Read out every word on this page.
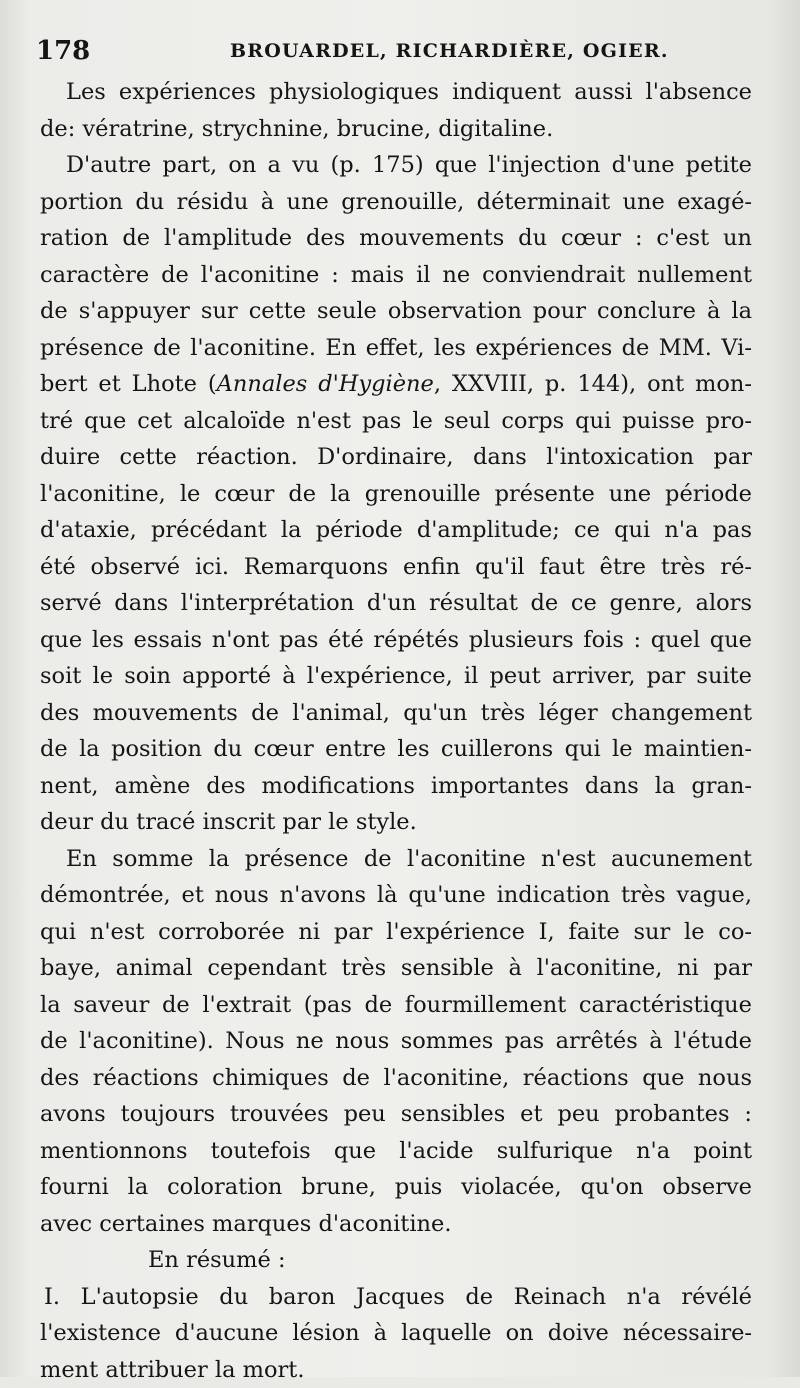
178	BROUARDEL, RICHARDIÈRE, OGIER.
Les expériences physiologiques indiquent aussi l'absence
de: vératrine, strychnine, brucine, digitaline.
D'autre part, on a vu (p. 175) que l'injection d'une petite
portion du résidu à une grenouille, déterminait une exagé-
ration de l'amplitude des mouvements du cœur : c'est un
caractère de l'aconitine : mais il ne conviendrait nullement
de s'appuyer sur cette seule observation pour conclure à la
présence de l'aconitine. En effet, les expériences de MM. Vi-
bert et Lhote (Annales d'Hygiène, XXVIII, p. 144), ont mon-
tré que cet alcaloïde n'est pas le seul corps qui puisse pro-
duire cette réaction. D'ordinaire, dans l'intoxication par
l'aconitine, le cœur de la grenouille présente une période
d'ataxie, précédant la période d'amplitude; ce qui n'a pas
été observé ici. Remarquons enfin qu'il faut être très ré-
servé dans l'interprétation d'un résultat de ce genre, alors
que les essais n'ont pas été répétés plusieurs fois : quel que
soit le soin apporté à l'expérience, il peut arriver, par suite
des mouvements de l'animal, qu'un très léger changement
de la position du cœur entre les cuillerons qui le maintien-
nent, amène des modifications importantes dans la gran-
deur du tracé inscrit par le style.
En somme la présence de l'aconitine n'est aucunement
démontrée, et nous n'avons là qu'une indication très vague,
qui n'est corroborée ni par l'expérience I, faite sur le co-
baye, animal cependant très sensible à l'aconitine, ni par
la saveur de l'extrait (pas de fourmillement caractéristique
de l'aconitine). Nous ne nous sommes pas arrêtés à l'étude
des réactions chimiques de l'aconitine, réactions que nous
avons toujours trouvées peu sensibles et peu probantes :
mentionnons toutefois que l'acide sulfurique n'a point
fourni la coloration brune, puis violacée, qu'on observe
avec certaines marques d'aconitine.
En résumé :
I. L'autopsie du baron Jacques de Reinach n'a révélé
l'existence d'aucune lésion à laquelle on doive nécessaire-
ment attribuer la mort.
